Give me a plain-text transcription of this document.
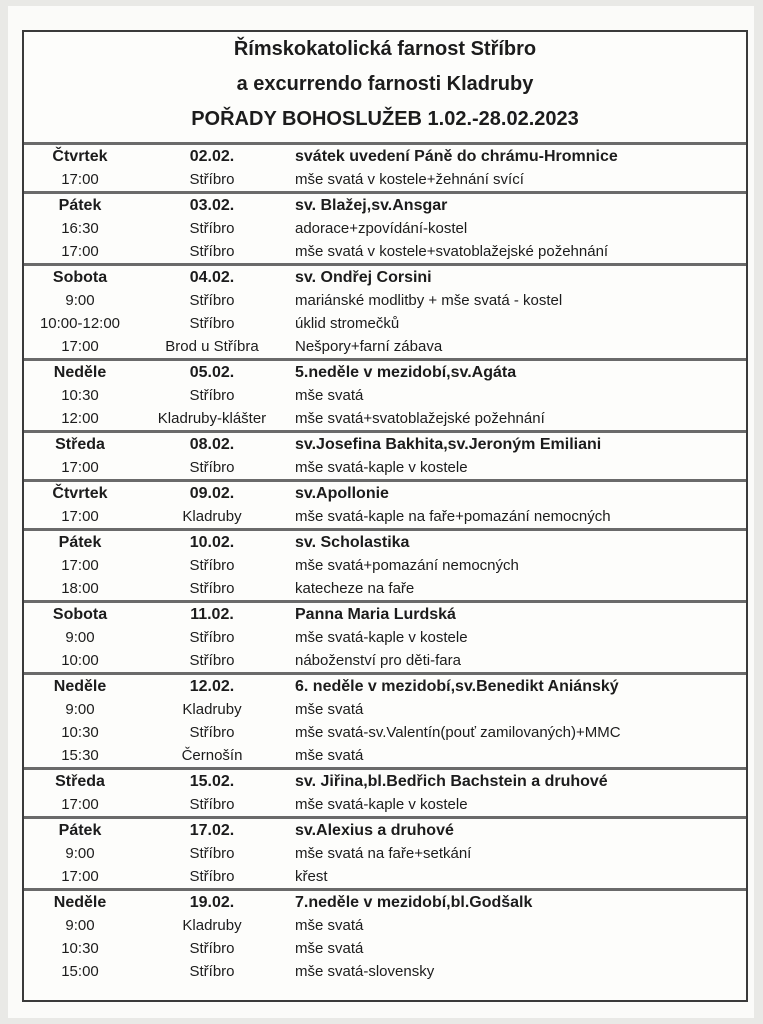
Římskokatolická farnost Stříbro
a excurrendo farnosti Kladruby
POŘADY BOHOSLUŽEB 1.02.-28.02.2023
Čtvrtek	02.02.	svátek uvedení Páně do chrámu-Hromnice
17:00	Stříbro	mše svatá v kostele+žehnání svící
Pátek	03.02.	sv. Blažej,sv.Ansgar
16:30	Stříbro	adorace+zpovídání-kostel
17:00	Stříbro	mše svatá v kostele+svatoblažejské požehnání
Sobota	04.02.	sv. Ondřej Corsini
9:00	Stříbro	mariánské modlitby + mše svatá - kostel
10:00-12:00	Stříbro	úklid stromečků
17:00	Brod u Stříbra	Nešpory+farní zábava
Neděle	05.02.	5.neděle v mezidobí,sv.Agáta
10:30	Stříbro	mše svatá
12:00	Kladruby-klášter	mše svatá+svatoblažejské požehnání
Středa	08.02.	sv.Josefina Bakhita,sv.Jeroným Emiliani
17:00	Stříbro	mše svatá-kaple v kostele
Čtvrtek	09.02.	sv.Apollonie
17:00	Kladruby	mše svatá-kaple na faře+pomazání nemocných
Pátek	10.02.	sv. Scholastika
17:00	Stříbro	mše svatá+pomazání nemocných
18:00	Stříbro	katecheze na faře
Sobota	11.02.	Panna Maria Lurdská
9:00	Stříbro	mše svatá-kaple v kostele
10:00	Stříbro	náboženství pro děti-fara
Neděle	12.02.	6. neděle v mezidobí,sv.Benedikt Aniánský
9:00	Kladruby	mše svatá
10:30	Stříbro	mše svatá-sv.Valentín(pouť zamilovaných)+MMC
15:30	Černošín	mše svatá
Středa	15.02.	sv. Jiřina,bl.Bedřich Bachstein a druhové
17:00	Stříbro	mše svatá-kaple v kostele
Pátek	17.02.	sv.Alexius a druhové
9:00	Stříbro	mše svatá na faře+setkání
17:00	Stříbro	křest
Neděle	19.02.	7.neděle v mezidobí,bl.Godšalk
9:00	Kladruby	mše svatá
10:30	Stříbro	mše svatá
15:00	Stříbro	mše svatá-slovensky
